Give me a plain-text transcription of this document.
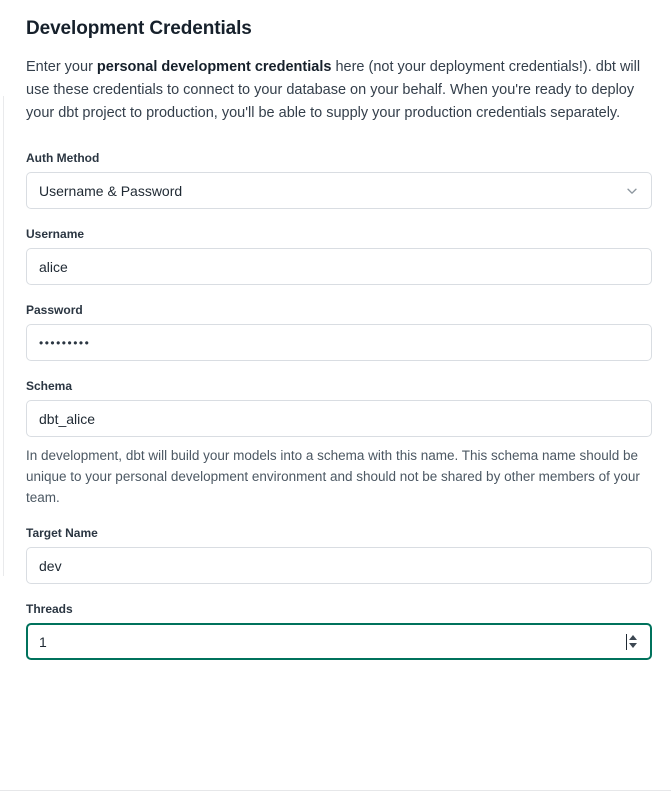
Development Credentials

Enter your personal development credentials here (not your deployment credentials!). dbt will use these credentials to connect to your database on your behalf. When you're ready to deploy your dbt project to production, you'll be able to supply your production credentials separately.

Auth Method
Username & Password
Username
alice
Password
•••••••••
Schema
dbt_alice

In development, dbt will build your models into a schema with this name. This schema name should be unique to your personal development environment and should not be shared by other members of your team.

Target Name
dev
Threads
1
